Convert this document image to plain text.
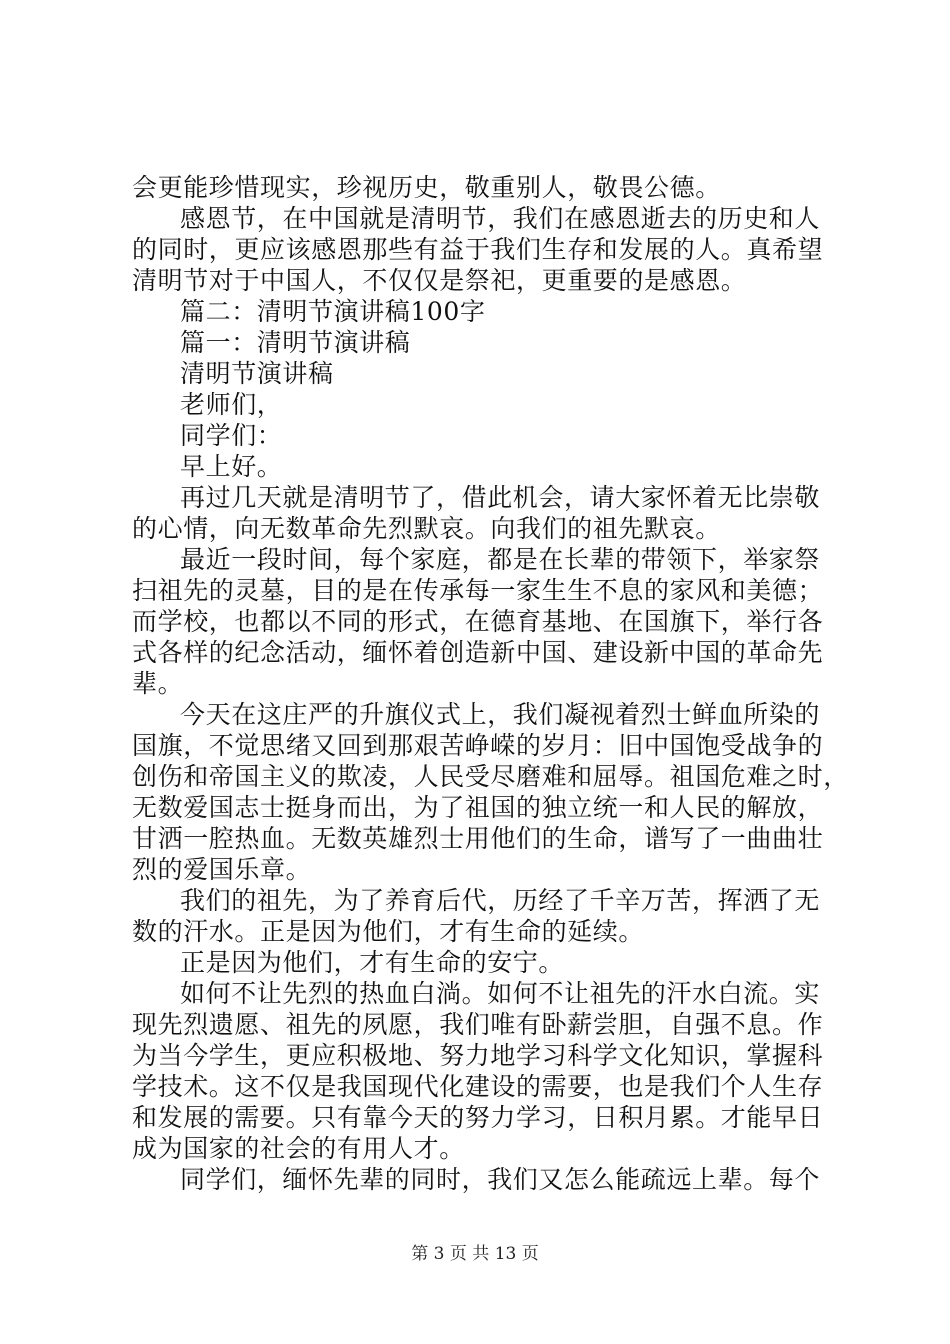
会更能珍惜现实，珍视历史，敬重别人，敬畏公德。
感恩节，在中国就是清明节，我们在感恩逝去的历史和人
的同时，更应该感恩那些有益于我们生存和发展的人。真希望
清明节对于中国人，不仅仅是祭祀，更重要的是感恩。
篇二：清明节演讲稿100字
篇一：清明节演讲稿
清明节演讲稿
老师们，
同学们：
早上好。
再过几天就是清明节了，借此机会，请大家怀着无比崇敬
的心情，向无数革命先烈默哀。向我们的祖先默哀。
最近一段时间，每个家庭，都是在长辈的带领下，举家祭
扫祖先的灵墓，目的是在传承每一家生生不息的家风和美德；
而学校，也都以不同的形式，在德育基地、在国旗下，举行各
式各样的纪念活动，缅怀着创造新中国、建设新中国的革命先
辈。
今天在这庄严的升旗仪式上，我们凝视着烈士鲜血所染的
国旗，不觉思绪又回到那艰苦峥嵘的岁月：旧中国饱受战争的
创伤和帝国主义的欺凌，人民受尽磨难和屈辱。祖国危难之时，
无数爱国志士挺身而出，为了祖国的独立统一和人民的解放，
甘洒一腔热血。无数英雄烈士用他们的生命，谱写了一曲曲壮
烈的爱国乐章。
我们的祖先，为了养育后代，历经了千辛万苦，挥洒了无
数的汗水。正是因为他们，才有生命的延续。
正是因为他们，才有生命的安宁。
如何不让先烈的热血白淌。如何不让祖先的汗水白流。实
现先烈遗愿、祖先的夙愿，我们唯有卧薪尝胆，自强不息。作
为当今学生，更应积极地、努力地学习科学文化知识，掌握科
学技术。这不仅是我国现代化建设的需要，也是我们个人生存
和发展的需要。只有靠今天的努力学习，日积月累。才能早日
成为国家的社会的有用人才。
同学们，缅怀先辈的同时，我们又怎么能疏远上辈。每个
第 3 页 共 13 页
